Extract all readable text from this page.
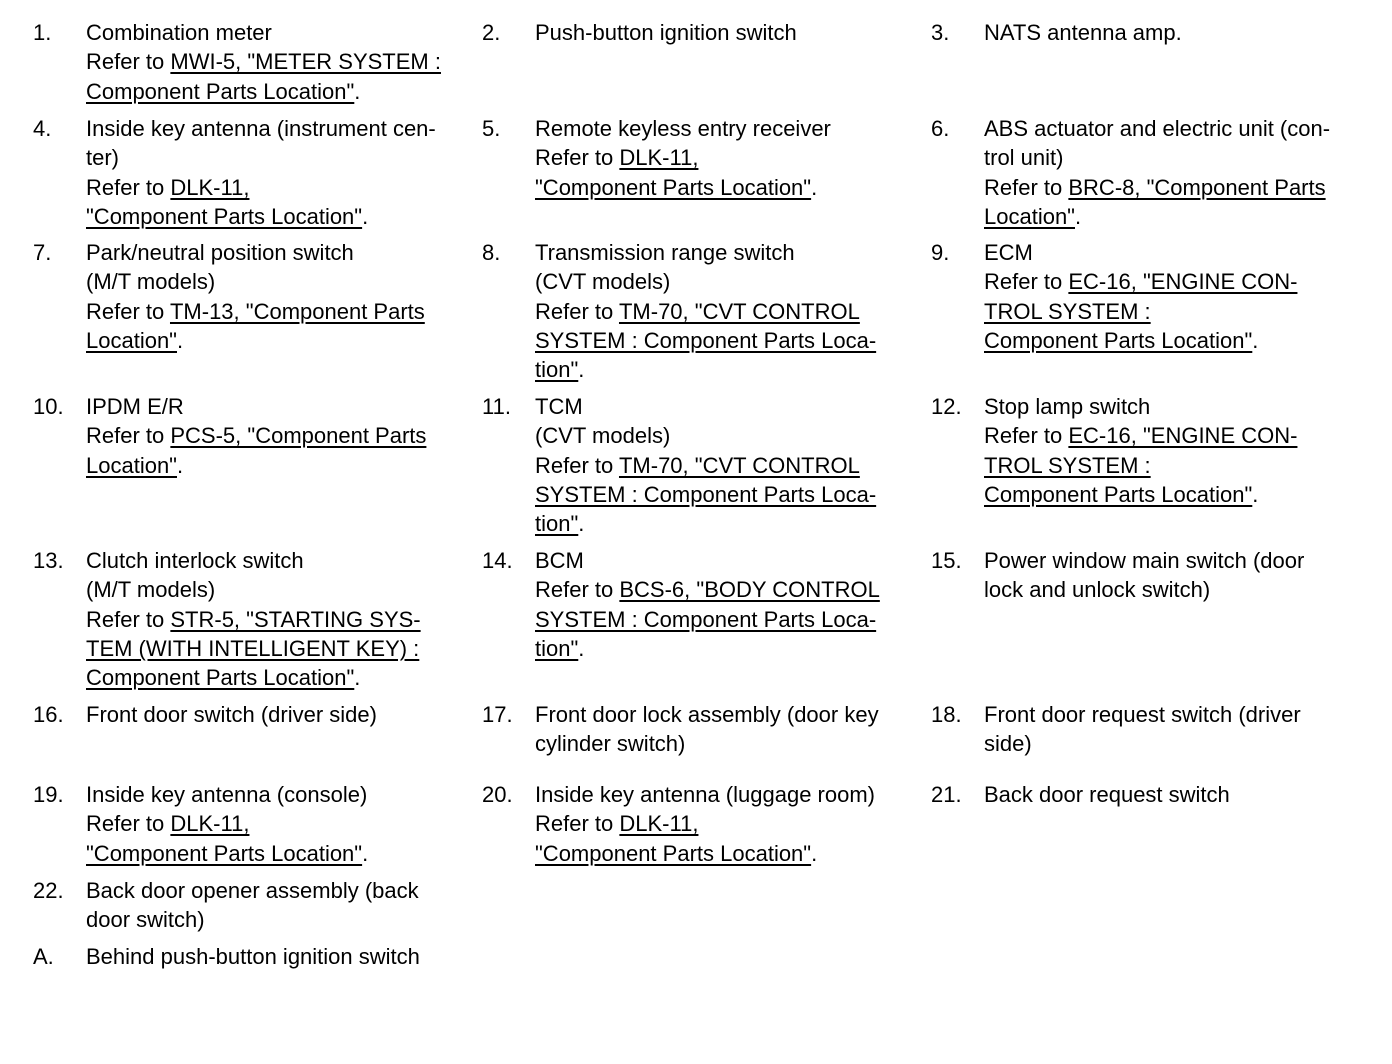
1. Combination meter
Refer to MWI-5, "METER SYSTEM :
Component Parts Location".
2. Push-button ignition switch	3. NATS antenna amp.
4. Inside key antenna (instrument cen-
ter)
Refer to DLK-11,
"Component Parts Location".
5. Remote keyless entry receiver
Refer to DLK-11,
"Component Parts Location".
6. ABS actuator and electric unit (con-
trol unit)
Refer to BRC-8, "Component Parts
Location".
7. Park/neutral position switch
(M/T models)
Refer to TM-13, "Component Parts
Location".
8. Transmission range switch
(CVT models)
Refer to TM-70, "CVT CONTROL
SYSTEM : Component Parts Loca-
tion".
9. ECM
Refer to EC-16, "ENGINE CON-
TROL SYSTEM :
Component Parts Location".
10. IPDM E/R
Refer to PCS-5, "Component Parts
Location".
11. TCM
(CVT models)
Refer to TM-70, "CVT CONTROL
SYSTEM : Component Parts Loca-
tion".
12. Stop lamp switch
Refer to EC-16, "ENGINE CON-
TROL SYSTEM :
Component Parts Location".
13. Clutch interlock switch
(M/T models)
Refer to STR-5, "STARTING SYS-
TEM (WITH INTELLIGENT KEY) :
Component Parts Location".
14. BCM
Refer to BCS-6, "BODY CONTROL
SYSTEM : Component Parts Loca-
tion".
15. Power window main switch (door
lock and unlock switch)
16. Front door switch (driver side)	17. Front door lock assembly (door key
cylinder switch)
18. Front door request switch (driver
side)
19. Inside key antenna (console)
Refer to DLK-11,
"Component Parts Location".
20. Inside key antenna (luggage room)
Refer to DLK-11,
"Component Parts Location".
21. Back door request switch
22. Back door opener assembly (back
door switch)
A. Behind push-button ignition switch
